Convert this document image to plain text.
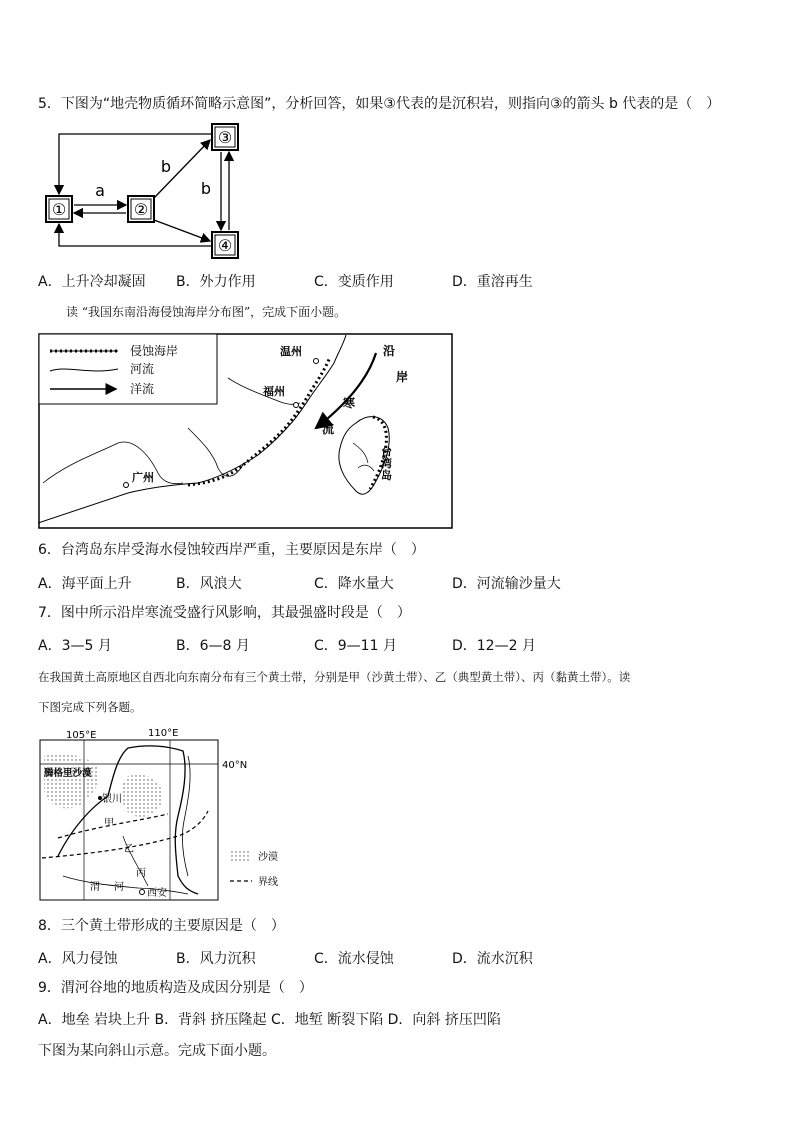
5．下图为“地壳物质循环简略示意图”，分析回答，如果③代表的是沉积岩，则指向③的箭头 b 代表的是（　）
①	②
③
④
a
b
b
A．上升冷却凝固 B．外力作用	C．变质作用	D．重溶再生
读 “我国东南沿海侵蚀海岸分布图”，完成下面小题。
侵蚀海岸
河流
洋流
温州
福州
广州
沿
岸
寒
流
台
湾
岛
6．台湾岛东岸受海水侵蚀较西岸严重，主要原因是东岸（　）
A．海平面上升	B．风浪大	C．降水量大	D．河流输沙量大
7．图中所示沿岸寒流受盛行风影响，其最强盛时段是（　）
A．3—5 月	B．6—8 月	C．9—11 月	D．12—2 月
在我国黄土高原地区自西北向东南分布有三个黄土带，分别是甲（沙黄土带）、乙（典型黄土带）、丙（黏黄土带）。读
下图完成下列各题。
105°E	110°E
40°N
腾格里沙漠
银川
甲
乙
丙
渭 河
西安
沙漠
界线
8．三个黄土带形成的主要原因是（　）
A．风力侵蚀	B．风力沉积	C．流水侵蚀	D．流水沉积
9．渭河谷地的地质构造及成因分别是（　）
A．地垒 岩块上升 B．背斜 挤压隆起 C．地堑 断裂下陷 D．向斜 挤压凹陷
下图为某向斜山示意。完成下面小题。
